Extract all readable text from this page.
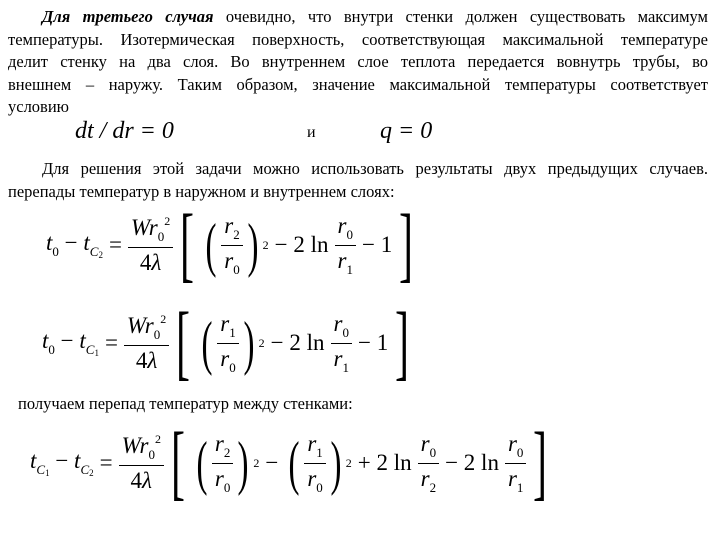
Для третьего случая очевидно, что внутри стенки должен существовать максимум
температуры. Изотермическая поверхность, соответствующая максимальной температуре
делит стенку на два слоя. Во внутреннем слое теплота передается вовнутрь трубы, во
внешнем – наружу. Таким образом, значение максимальной температуры соответствует
условию
dt / dr = 0	и	q = 0
Для решения этой задачи можно использовать результаты двух предыдущих случаев.
перепады температур в наружном и внутреннем слоях:
$t_0 - t_{C_2} = \frac{Wr_0^2}{4\lambda}$ [ ( $\frac{r_2}{r_0}$ ) 2 − 2 $\ln \frac{r_0}{r_1} - 1$ ]
$t_0 - t_{C_1} = \frac{Wr_0^2}{4\lambda}$ [ ( $\frac{r_1}{r_0}$ ) 2 − 2 $\ln \frac{r_0}{r_1} - 1$ ]
получаем перепад температур между стенками:
$t_{C_1} - t_{C_2} = \frac{Wr_0^2}{4\lambda}$ [ ( $\frac{r_2}{r_0}$ ) 2 − ( $\frac{r_1}{r_0}$ ) 2 + 2 $\ln \frac{r_0}{r_2} - 2$ $\ln \frac{r_0}{r_1}$ ]
